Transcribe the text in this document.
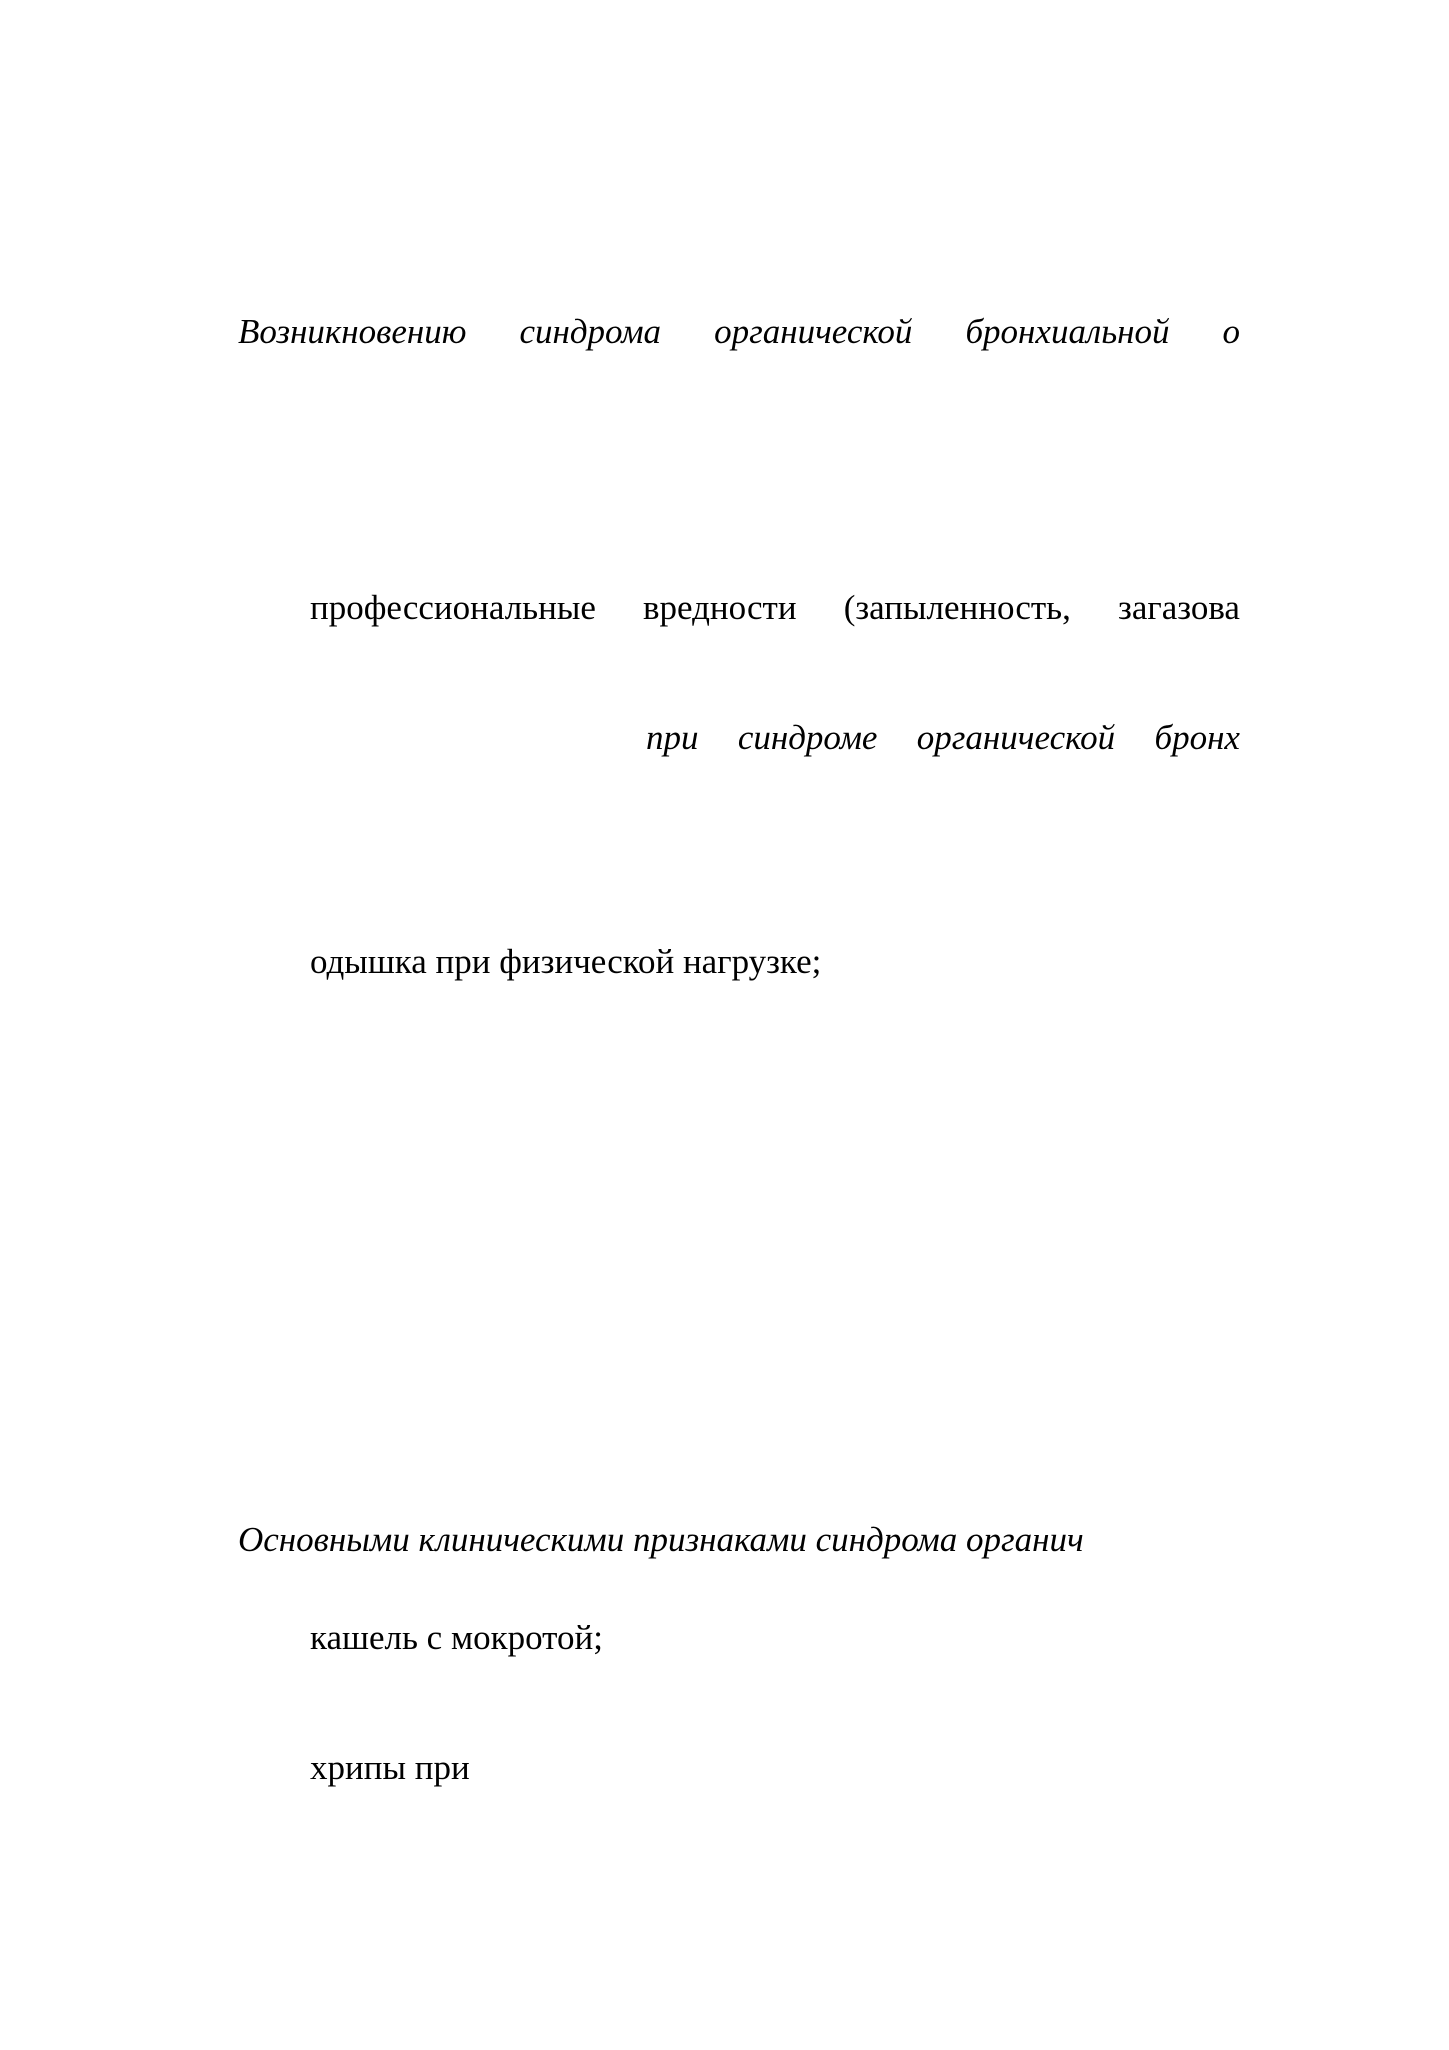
Возникновению синдрома органической бронхиальной о

профессиональные вредности (запыленность, загазова

при синдроме органической бронх

одышка при физической нагрузке;

Основными клиническими признаками синдрома органич

кашель с мокротой;

хрипы при
